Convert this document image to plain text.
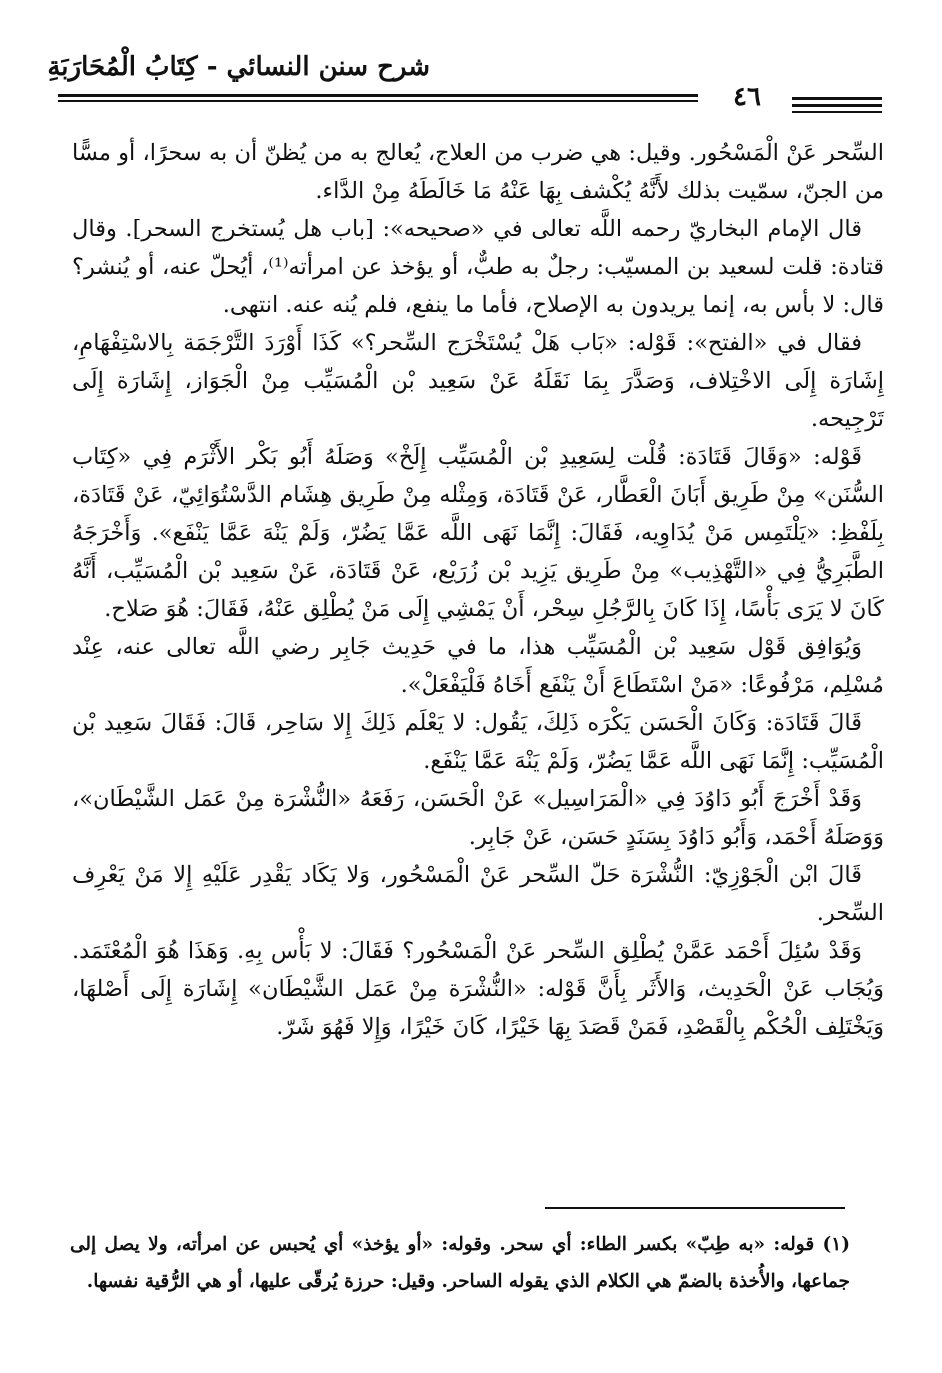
شرح سنن النسائي - كِتَابُ الْمُحَارَبَةِ
٤٦

السِّحر عَنْ الْمَسْحُور. وقيل: هي ضرب من العلاج، يُعالج به من يُظنّ أن به سحرًا، أو مسًّا من الجنّ، سمّيت بذلك لأَنَّهُ يُكْشف بِهَا عَنْهُ مَا خَالَطَهُ مِنْ الدَّاء.

قال الإمام البخاريّ رحمه اللَّه تعالى في «صحيحه»: [باب هل يُستخرج السحر]. وقال قتادة: قلت لسعيد بن المسيّب: رجلٌ به طبٌّ، أو يؤخذ عن امرأته⁽¹⁾، أيُحلّ عنه، أو يُنشر؟ قال: لا بأس به، إنما يريدون به الإصلاح، فأما ما ينفع، فلم يُنه عنه. انتهى.

فقال في «الفتح»: قَوْله: «بَاب هَلْ يُسْتَخْرَج السِّحر؟» كَذَا أَوْرَدَ التَّرْجَمَة بِالاسْتِفْهَامِ، إِشَارَة إِلَى الاخْتِلاف، وَصَدَّرَ بِمَا نَقَلَهُ عَنْ سَعِيد بْن الْمُسَيِّب مِنْ الْجَوَاز، إِشَارَة إِلَى تَرْجِيحه.

قَوْله: «وَقَالَ قَتَادَة: قُلْت لِسَعِيدِ بْن الْمُسَيِّب إِلَخْ» وَصَلَهُ أَبُو بَكْر الأَثْرَم فِي «كِتَاب السُّنَن» مِنْ طَرِيق أَبَانَ الْعَطَّار، عَنْ قَتَادَة، وَمِثْله مِنْ طَرِيق هِشَام الدَّسْتُوَائِيّ، عَنْ قَتَادَة، بِلَفْظِ: «يَلْتَمِس مَنْ يُدَاوِيه، فَقَالَ: إِنَّمَا نَهَى اللَّه عَمَّا يَضُرّ، وَلَمْ يَنْهَ عَمَّا يَنْفَع». وَأَخْرَجَهُ الطَّبَرِيُّ فِي «التَّهْذِيب» مِنْ طَرِيق يَزِيد بْن زُرَيْع، عَنْ قَتَادَة، عَنْ سَعِيد بْن الْمُسَيِّب، أَنَّهُ كَانَ لا يَرَى بَأْسًا، إِذَا كَانَ بِالرَّجُلِ سِحْر، أَنْ يَمْشِي إِلَى مَنْ يُطْلِق عَنْهُ، فَقَالَ: هُوَ صَلاح.

وَيُوَافِق قَوْل سَعِيد بْن الْمُسَيِّب هذا، ما في حَدِيث جَابِر رضي اللَّه تعالى عنه، عِنْد مُسْلِم، مَرْفُوعًا: «مَنْ اسْتَطَاعَ أَنْ يَنْفَع أَخَاهُ فَلْيَفْعَلْ».

قَالَ قَتَادَة: وَكَانَ الْحَسَن يَكْرَه ذَلِكَ، يَقُول: لا يَعْلَم ذَلِكَ إِلا سَاحِر، قَالَ: فَقَالَ سَعِيد بْن الْمُسَيِّب: إِنَّمَا نَهَى اللَّه عَمَّا يَضُرّ، وَلَمْ يَنْهَ عَمَّا يَنْفَع.

وَقَدْ أَخْرَجَ أَبُو دَاوُدَ فِي «الْمَرَاسِيل» عَنْ الْحَسَن، رَفَعَهُ «النُّشْرَة مِنْ عَمَل الشَّيْطَان»، وَوَصَلَهُ أَحْمَد، وَأَبُو دَاوُدَ بِسَنَدٍ حَسَن، عَنْ جَابِر.

قَالَ ابْن الْجَوْزِيّ: النُّشْرَة حَلّ السِّحر عَنْ الْمَسْحُور، وَلا يَكَاد يَقْدِر عَلَيْهِ إِلا مَنْ يَعْرِف السِّحر.

وَقَدْ سُئِلَ أَحْمَد عَمَّنْ يُطْلِق السِّحر عَنْ الْمَسْحُور؟ فَقَالَ: لا بَأْس بِهِ. وَهَذَا هُوَ الْمُعْتَمَد. وَيُجَاب عَنْ الْحَدِيث، وَالأَثَر بِأَنَّ قَوْله: «النُّشْرَة مِنْ عَمَل الشَّيْطَان» إِشَارَة إِلَى أَصْلهَا، وَيَخْتَلِف الْحُكْم بِالْقَصْدِ، فَمَنْ قَصَدَ بِهَا خَيْرًا، كَانَ خَيْرًا، وَإِلا فَهُوَ شَرّ.

(١) قوله: «به طِبّ» بكسر الطاء: أي سحر. وقوله: «أو يؤخذ» أي يُحبس عن امرأته، ولا يصل إلى جماعها، والأُخذة بالضمّ هي الكلام الذي يقوله الساحر. وقيل: حرزة يُرقّى عليها، أو هي الرُّقية نفسها.
